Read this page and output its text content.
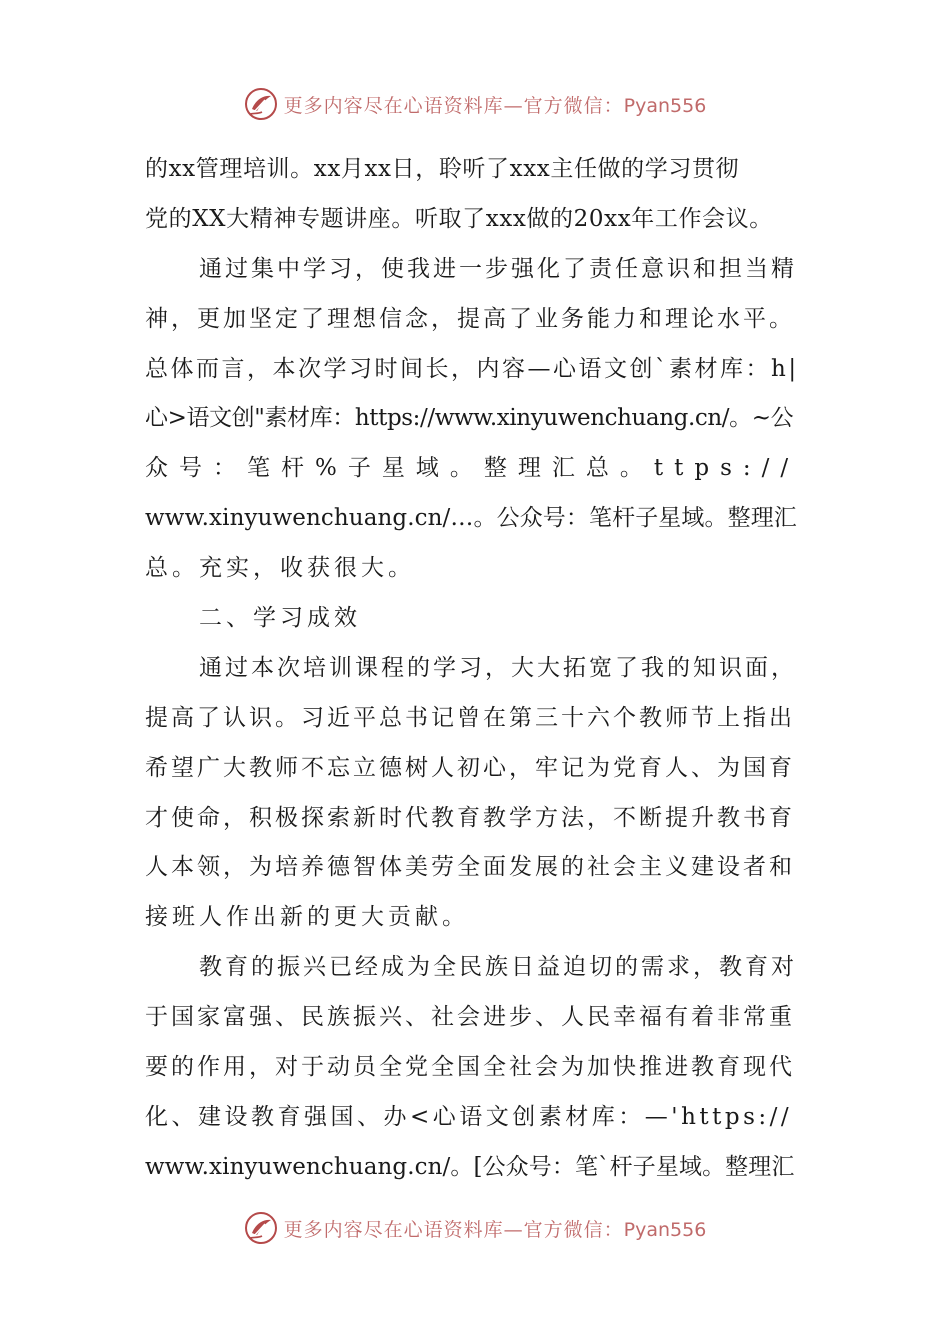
更多内容尽在心语资料库—官方微信：Pyan556
的xx管理培训。xx月xx日，聆听了xxx主任做的学习贯彻
党的XX大精神专题讲座。听取了xxx做的20xx年工作会议。
通过集中学习，使我进一步强化了责任意识和担当精
神，更加坚定了理想信念，提高了业务能力和理论水平。
总体而言，本次学习时间长，内容—心语文创`素材库：h|
心>语文创"素材库：https://www.xinyuwenchuang.cn/。~公
众号：笔杆%子星域。整理汇总。ttps://
www.xinyuwenchuang.cn/…。公众号：笔杆子星域。整理汇
总。充实，收获很大。
二、学习成效
通过本次培训课程的学习，大大拓宽了我的知识面，
提高了认识。习近平总书记曾在第三十六个教师节上指出
希望广大教师不忘立德树人初心，牢记为党育人、为国育
才使命，积极探索新时代教育教学方法，不断提升教书育
人本领，为培养德智体美劳全面发展的社会主义建设者和
接班人作出新的更大贡献。
教育的振兴已经成为全民族日益迫切的需求，教育对
于国家富强、民族振兴、社会进步、人民幸福有着非常重
要的作用，对于动员全党全国全社会为加快推进教育现代
化、建设教育强国、办<心语文创素材库：—'https://
www.xinyuwenchuang.cn/。[公众号：笔`杆子星域。整理汇
更多内容尽在心语资料库—官方微信：Pyan556
